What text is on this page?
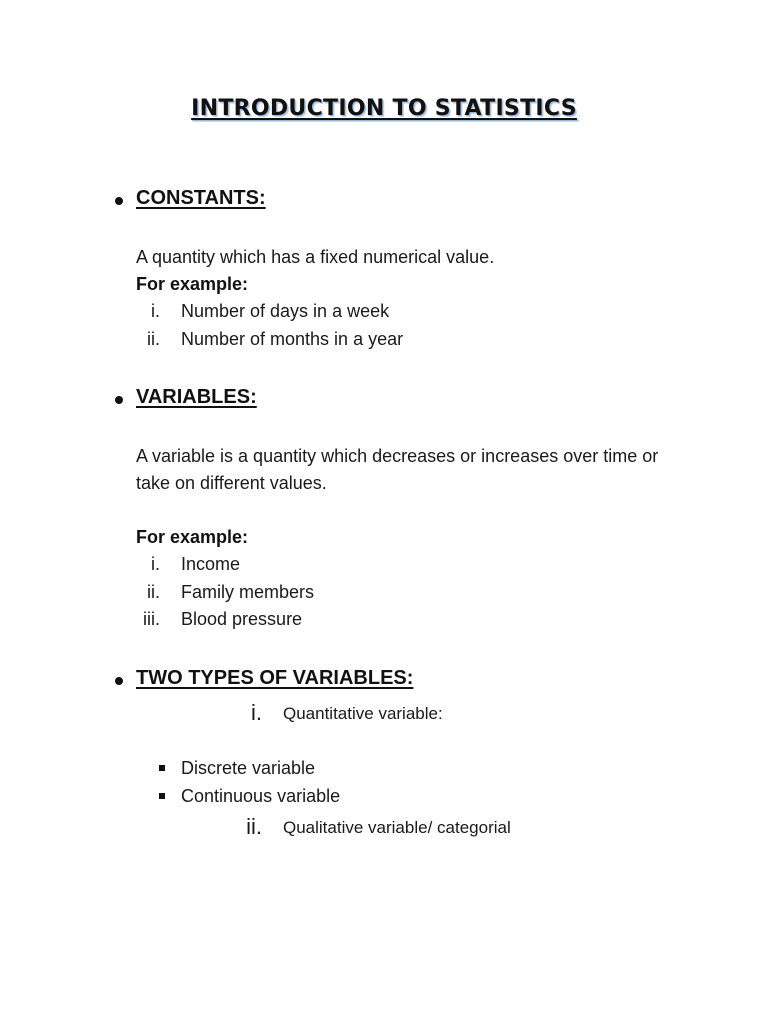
INTRODUCTION TO STATISTICS
CONSTANTS:
A quantity which has a fixed numerical value.
For example:
i. Number of days in a week
ii. Number of months in a year
VARIABLES:
A variable is a quantity which decreases or increases over time or
take on different values.
For example:
i. Income
ii. Family members
iii. Blood pressure
TWO TYPES OF VARIABLES:
i. Quantitative variable:
Discrete variable
Continuous variable
ii. Qualitative variable/ categorial
